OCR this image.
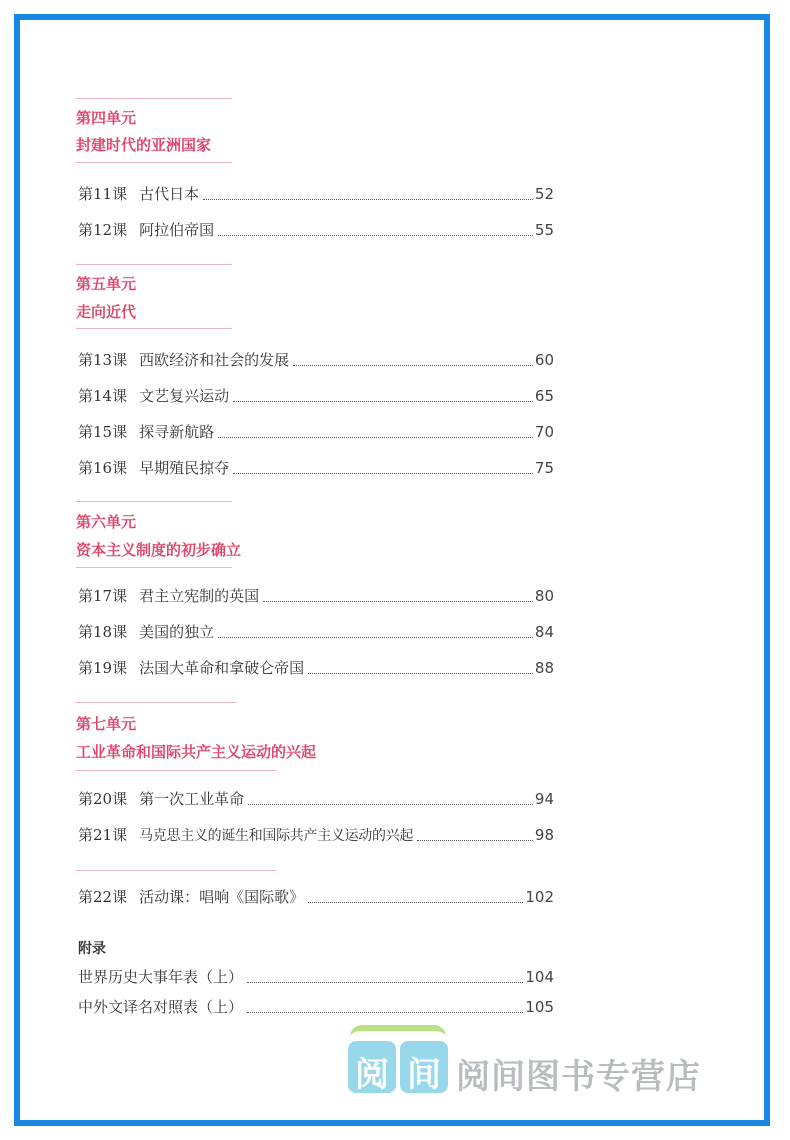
第四单元
封建时代的亚洲国家
第11课 古代日本	52
第12课 阿拉伯帝国	55
第五单元
走向近代
第13课 西欧经济和社会的发展	60
第14课 文艺复兴运动	65
第15课 探寻新航路	70
第16课 早期殖民掠夺	75
第六单元
资本主义制度的初步确立
第17课 君主立宪制的英国	80
第18课 美国的独立	84
第19课 法国大革命和拿破仑帝国	88
第七单元
工业革命和国际共产主义运动的兴起
第20课 第一次工业革命	94
第21课 马克思主义的诞生和国际共产主义运动的兴起	98
第22课 活动课：唱响《国际歌》	102
附录
世界历史大事年表（上）	104
中外文译名对照表（上）	105
阅 间 阅间图书专营店
